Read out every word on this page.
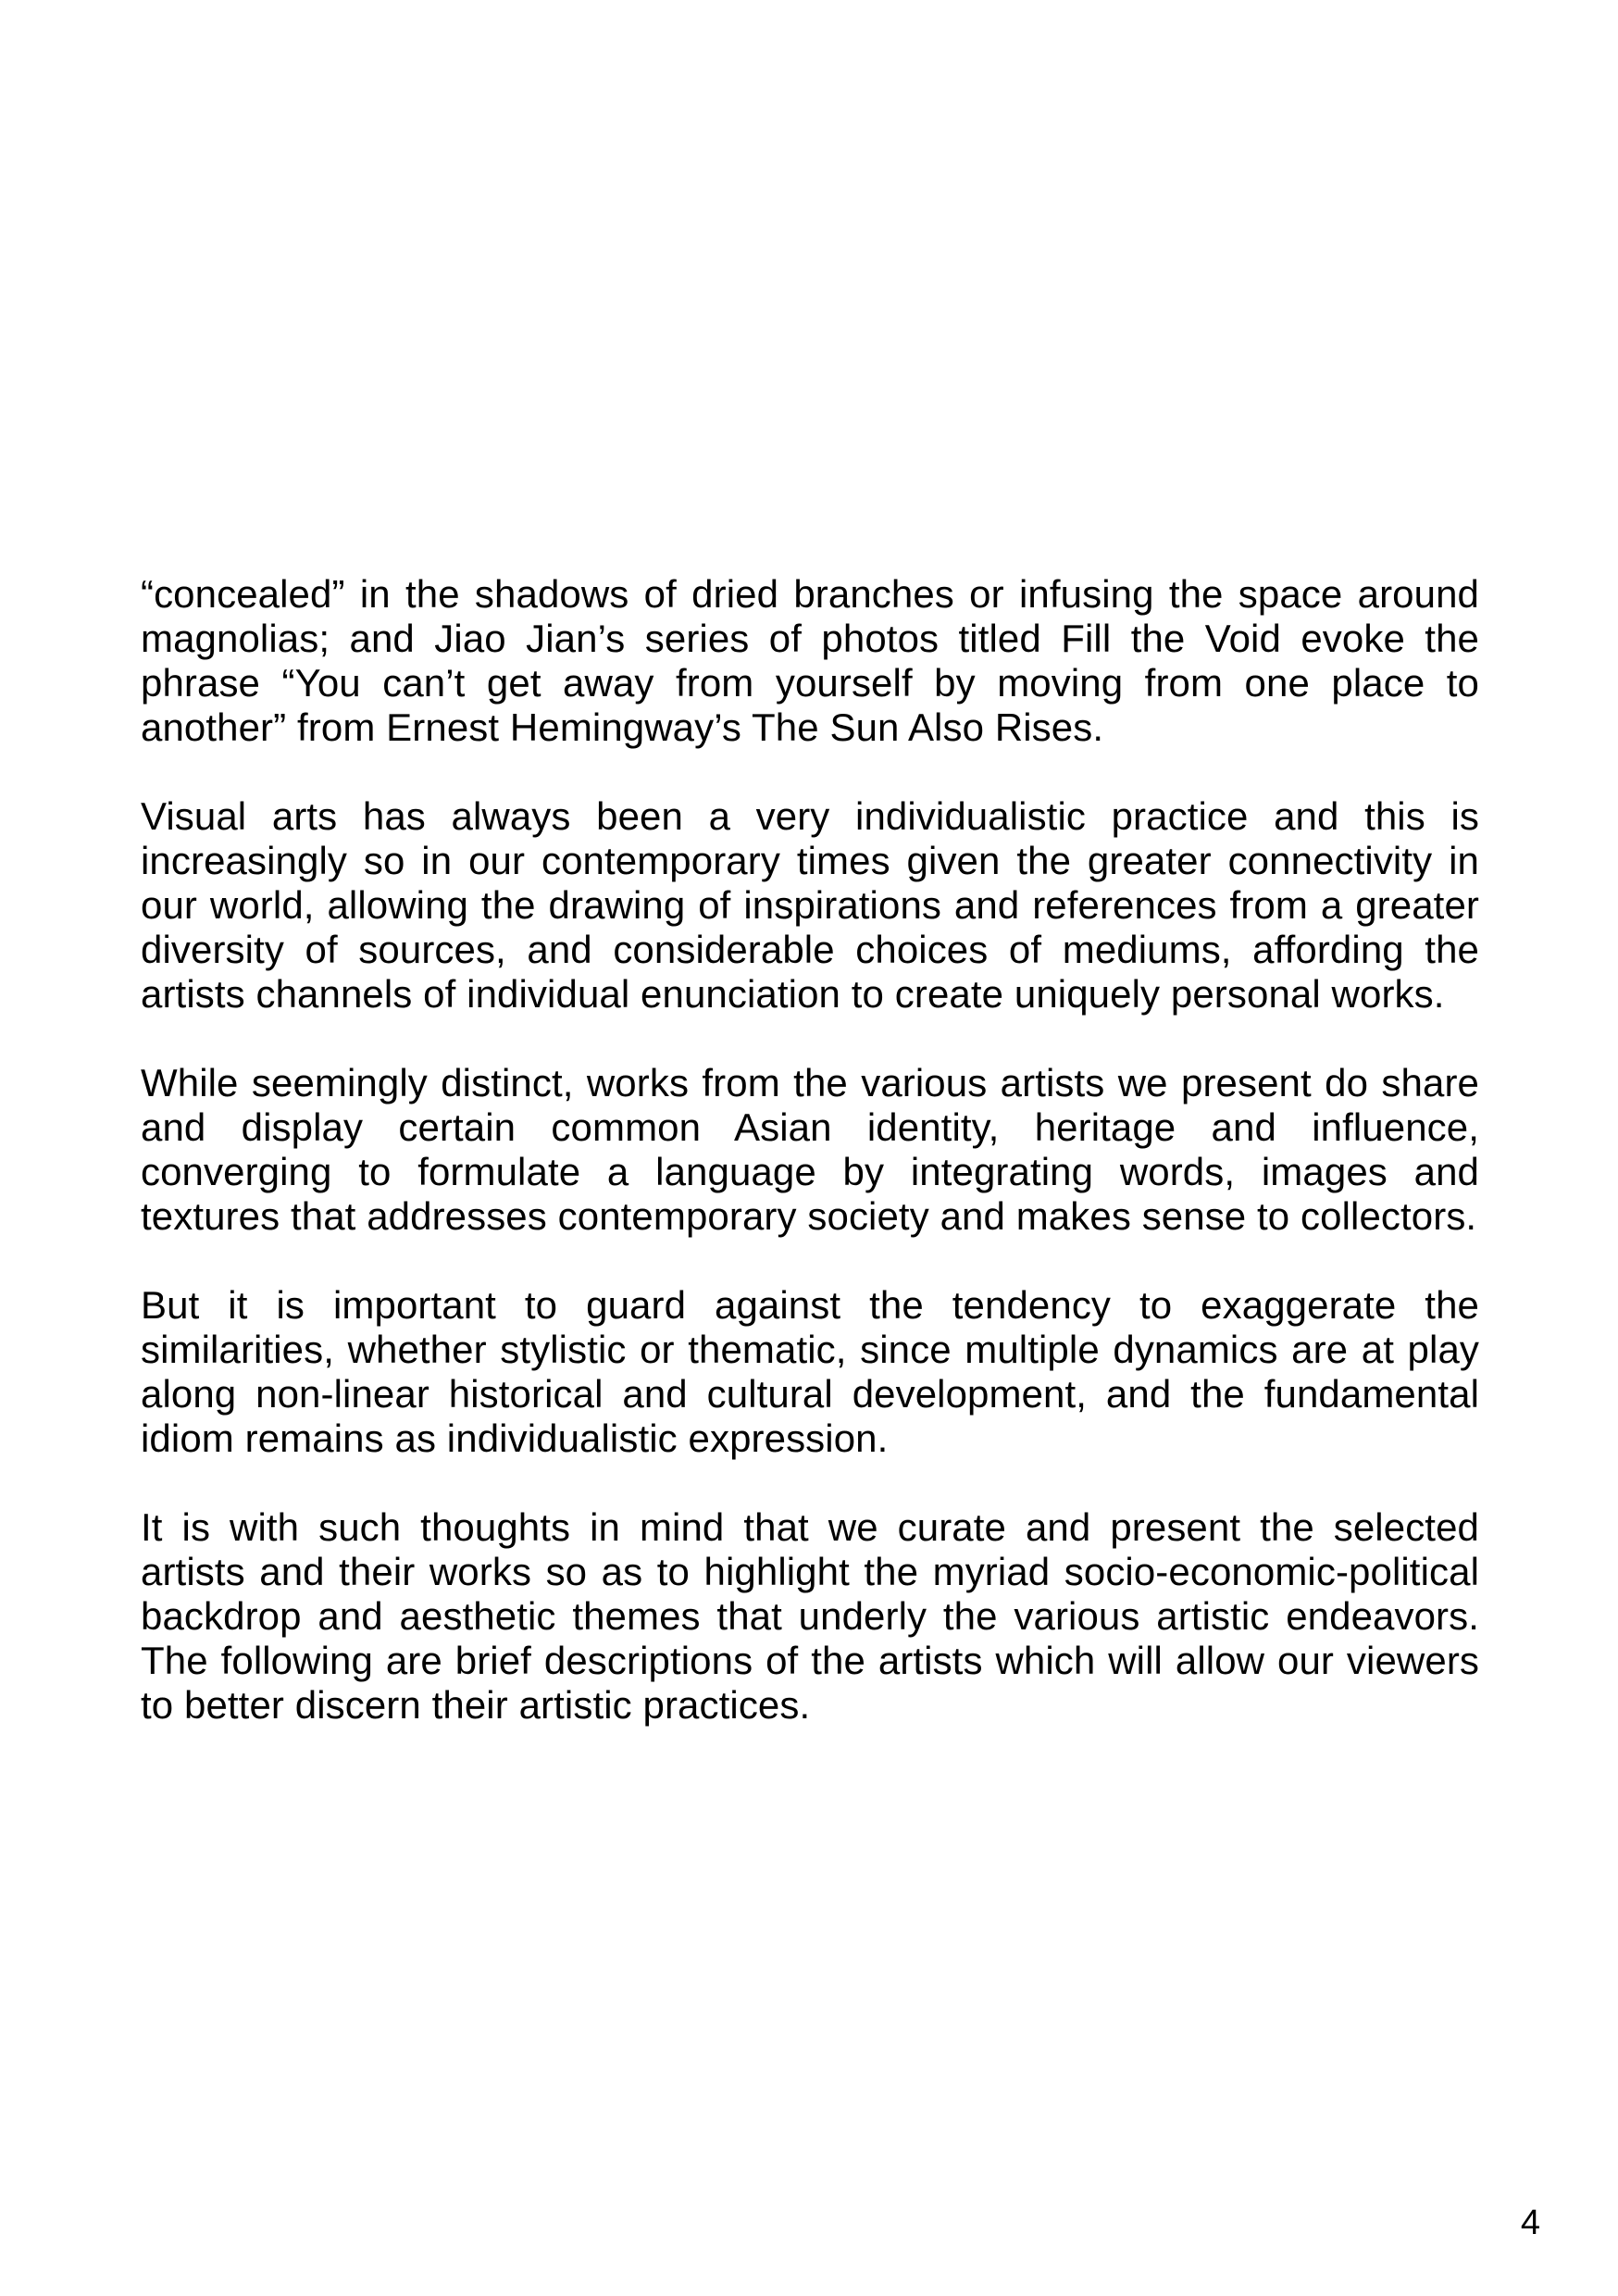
“concealed” in the shadows of dried branches or infusing the space around magnolias; and Jiao Jian’s series of photos titled Fill the Void evoke the phrase “You can’t get away from yourself by moving from one place to another” from Ernest Hemingway’s The Sun Also Rises.

Visual arts has always been a very individualistic practice and this is increasingly so in our contemporary times given the greater connectivity in our world, allowing the drawing of inspirations and references from a greater diversity of sources, and considerable choices of mediums, affording the artists channels of individual enunciation to create uniquely personal works.

While seemingly distinct, works from the various artists we present do share and display certain common Asian identity, heritage and influence, converging to formulate a language by integrating words, images and textures that addresses contemporary society and makes sense to collectors.

But it is important to guard against the tendency to exaggerate the similarities, whether stylistic or thematic, since multiple dynamics are at play along non-linear historical and cultural development, and the fundamental idiom remains as individualistic expression.

It is with such thoughts in mind that we curate and present the selected artists and their works so as to highlight the myriad socio-economic-political backdrop and aesthetic themes that underly the various artistic endeavors. The following are brief descriptions of the artists which will allow our viewers to better discern their artistic practices.

4
